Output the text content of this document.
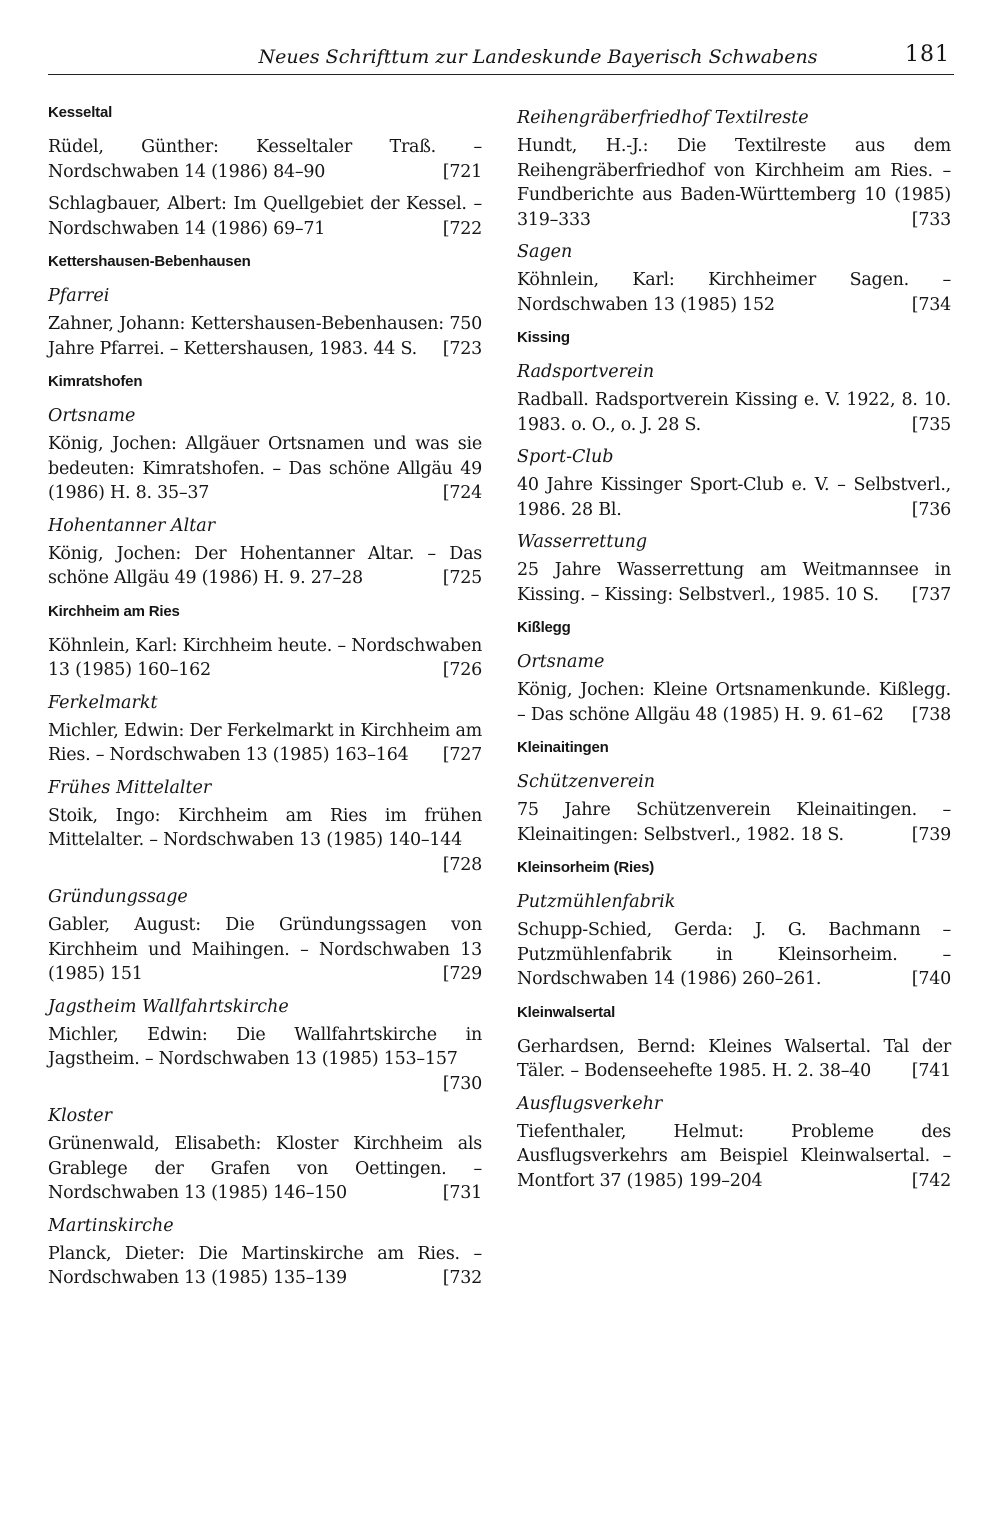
Neues Schrifttum zur Landeskunde Bayerisch Schwabens	181
Kesseltal
Rüdel, Günther: Kesseltaler Traß. – Nordschwaben 14 (1986) 84–90	[ 721
Schlagbauer, Albert: Im Quellgebiet der Kessel. – Nordschwaben 14 (1986) 69–71	[ 722
Kettershausen-Bebenhausen
Pfarrei
Zahner, Johann: Kettershausen-Bebenhausen: 750 Jahre Pfarrei. – Kettershausen, 1983. 44 S.	[ 723
Kimratshofen
Ortsname
König, Jochen: Allgäuer Ortsnamen und was sie bedeuten: Kimratshofen. – Das schöne Allgäu 49 (1986) H. 8. 35–37	[ 724
Hohentanner Altar
König, Jochen: Der Hohentanner Altar. – Das schöne Allgäu 49 (1986) H. 9. 27–28	[ 725
Kirchheim am Ries
Köhnlein, Karl: Kirchheim heute. – Nordschwaben 13 (1985) 160–162	[ 726
Ferkelmarkt
Michler, Edwin: Der Ferkelmarkt in Kirchheim am Ries. – Nordschwaben 13 (1985) 163–164	[ 727
Frühes Mittelalter
Stoik, Ingo: Kirchheim am Ries im frühen Mittelalter. – Nordschwaben 13 (1985) 140–144
[ 728
Gründungssage
Gabler, August: Die Gründungssagen von Kirchheim und Maihingen. – Nordschwaben 13 (1985) 151	[ 729
Jagstheim Wallfahrtskirche
Michler, Edwin: Die Wallfahrtskirche in Jagstheim. – Nordschwaben 13 (1985) 153–157
[ 730
Kloster
Grünenwald, Elisabeth: Kloster Kirchheim als Grablege der Grafen von Oettingen. – Nordschwaben 13 (1985) 146–150	[ 731
Martinskirche
Planck, Dieter: Die Martinskirche am Ries. – Nordschwaben 13 (1985) 135–139	[ 732
Reihengräberfriedhof Textilreste
Hundt, H.-J.: Die Textilreste aus dem Reihengräberfriedhof von Kirchheim am Ries. – Fundberichte aus Baden-Württemberg 10 (1985) 319–333	[ 733
Sagen
Köhnlein, Karl: Kirchheimer Sagen. – Nordschwaben 13 (1985) 152	[ 734
Kissing
Radsportverein
Radball. Radsportverein Kissing e. V. 1922, 8. 10. 1983. o. O., o. J. 28 S.	[ 735
Sport-Club
40 Jahre Kissinger Sport-Club e. V. – Selbstverl., 1986. 28 Bl.	[ 736
Wasserrettung
25 Jahre Wasserrettung am Weitmannsee in Kissing. – Kissing: Selbstverl., 1985. 10 S.	[ 737
Kißlegg
Ortsname
König, Jochen: Kleine Ortsnamenkunde. Kißlegg. – Das schöne Allgäu 48 (1985) H. 9. 61–62	[ 738
Kleinaitingen
Schützenverein
75 Jahre Schützenverein Kleinaitingen. – Kleinaitingen: Selbstverl., 1982. 18 S.	[ 739
Kleinsorheim (Ries)
Putzmühlenfabrik
Schupp-Schied, Gerda: J. G. Bachmann – Putzmühlenfabrik in Kleinsorheim. – Nordschwaben 14 (1986) 260–261.	[ 740
Kleinwalsertal
Gerhardsen, Bernd: Kleines Walsertal. Tal der Täler. – Bodenseehefte 1985. H. 2. 38–40	[ 741
Ausflugsverkehr
Tiefenthaler, Helmut: Probleme des Ausflugsverkehrs am Beispiel Kleinwalsertal. – Montfort 37 (1985) 199–204	[ 742
